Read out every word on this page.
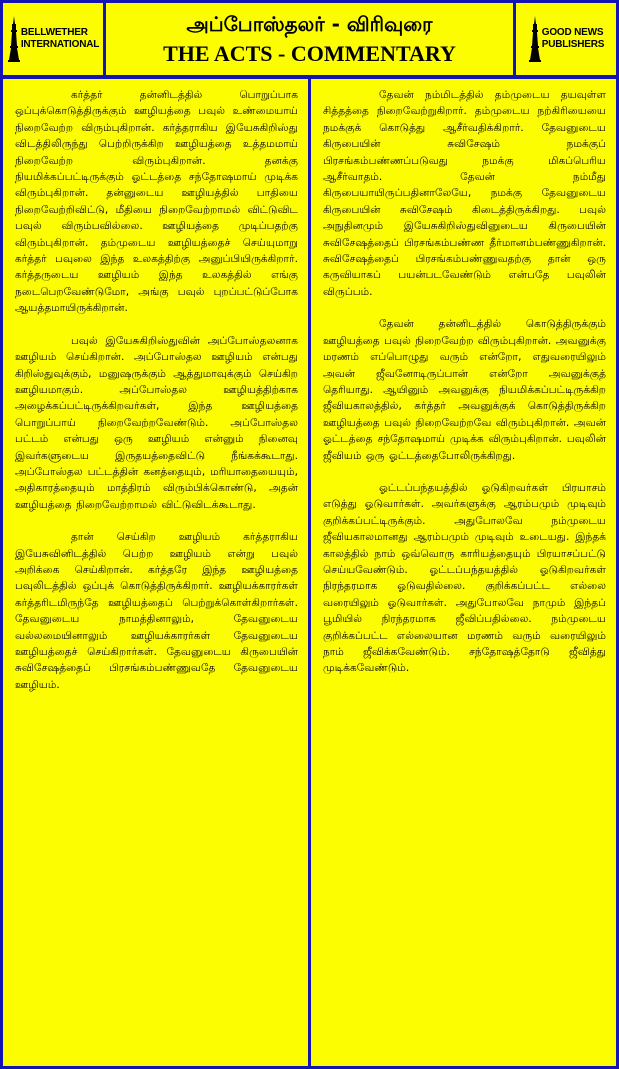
BELLWETHER
INTERNATIONAL
அப்போஸ்தலர் - விரிவுரை
THE ACTS - COMMENTARY
GOOD NEWS
PUBLISHERS

கர்த்தர் தன்னிடத்தில் பொறுப்பாக ஒப்புக்கொடுத்திருக்கும் ஊழியத்தை பவுல் உண்மையாய் நிறைவேற்ற விரும்புகிறான். கர்த்தராகிய இயேசுகிறிஸ்து விடத்திலிருந்து பெற்றிருக்கிற ஊழியத்தை உத்தமமாய் நிறைவேற்ற விரும்புகிறான். தனக்கு நியமிக்கப்பட்டிருக்கும் ஓட்டத்தை சந்தோஷமாய் முடிக்க விரும்புகிறான். தன்னுடைய ஊழியத்தில் பாதியை நிறைவேற்றிவிட்டு, மீதியை நிறைவேற்றாமல் விட்டுவிட பவுல் விரும்பவில்லை. ஊழியத்தை முடிப்பதற்கு விரும்புகிறான். தம்முடைய ஊழியத்தைச் செய்யுமாறு கர்த்தர் பவுலை இந்த உலகத்திற்கு அனுப்பியிருக்கிறார். கர்த்தருடைய ஊழியம் இந்த உலகத்தில் எங்கு நடைபெறவேண்டுமோ, அங்கு பவுல் புறப்பட்டுப்போக ஆயத்தமாயிருக்கிறான்.

பவுல் இயேசுகிறிஸ்துவின் அப்போஸ்தலனாக ஊழியம் செய்கிறான். அப்போஸ்தல ஊழியம் என்பது கிறிஸ்துவுக்கும், மனுஷருக்கும் ஆத்துமாவுக்கும் செய்கிற ஊழியமாகும். அப்போஸ்தல ஊழியத்திற்காக அழைக்கப்பட்டிருக்கிறவர்கள், இந்த ஊழியத்தை பொறுப்பாய் நிறைவேற்றவேண்டும். அப்போஸ்தல பட்டம் என்பது ஒரு ஊழியம் என்னும் நினைவு இவர்களுடைய இருதயத்தைவிட்டு நீங்கக்கூடாது. அப்போஸ்தல பட்டத்தின் கனத்தையும், மரியாதையையும், அதிகாரத்தையும் மாத்திரம் விரும்பிக்கொண்டு, அதன் ஊழியத்தை நிறைவேற்றாமல் விட்டுவிடக்கூடாது.

தான் செய்கிற ஊழியம் கர்த்தராகிய இயேசுவினிடத்தில் பெற்ற ஊழியம் என்று பவுல் அறிக்கை செய்கிறான். கர்த்தரே இந்த ஊழியத்தை பவுலிடத்தில் ஒப்புக் கொடுத்திருக்கிறார். ஊழியக்காரர்கள் கர்த்தரிடமிருந்தே ஊழியத்தைப் பெற்றுக்கொள்கிறார்கள். தேவனுடைய நாமத்தினாலும், தேவனுடைய வல்லமையினாலும் ஊழியக்காரர்கள் தேவனுடைய ஊழியத்தைச் செய்கிறார்கள். தேவனுடைய கிருபையின் சுவிசேஷத்தைப் பிரசங்கம்பண்ணுவதே தேவனுடைய ஊழியம்.

தேவன் நம்மிடத்தில் தம்முடைய தயவுள்ள சித்தத்தை நிறைவேற்றுகிறார். தம்முடைய நற்கிரியையை நமக்குக் கொடுத்து ஆசீர்வதிக்கிறார். தேவனுடைய கிருபையின் சுவிசேஷம் நமக்குப் பிரசங்கம்பண்ணப்படுவது நமக்கு மிகப்பெரிய ஆசீர்வாதம். தேவன் நம்மீது கிருபையாயிருப்பதினாலேயே, நமக்கு தேவனுடைய கிருபையின் சுவிசேஷம் கிடைத்திருக்கிறது. பவுல் அநுதினமும் இயேசுகிறிஸ்துவினுடைய கிருபையின் சுவிசேஷத்தைப் பிரசங்கம்பண்ண தீர்மானம்பண்ணுகிறான். சுவிசேஷத்தைப் பிரசங்கம்பண்ணுவதற்கு தான் ஒரு கருவியாகப் பயன்படவேண்டும் என்பதே பவுலின் விருப்பம்.

தேவன் தன்னிடத்தில் கொடுத்திருக்கும் ஊழியத்தை பவுல் நிறைவேற்ற விரும்புகிறான். அவனுக்கு மரணம் எப்பொழுது வரும் என்றோ, எதுவரையிலும் அவன் ஜீவனோடிருப்பான் என்றோ அவனுக்குத் தெரியாது. ஆயினும் அவனுக்கு நியமிக்கப்பட்டிருக்கிற ஜீவியகாலத்தில், கர்த்தர் அவனுக்குக் கொடுத்திருக்கிற ஊழியத்தை பவுல் நிறைவேற்றவே விரும்புகிறான். அவன் ஓட்டத்தை சந்தோஷமாய் முடிக்க விரும்புகிறான். பவுலின் ஜீவியம் ஒரு ஓட்டத்தைபோலிருக்கிறது.

ஓட்டப்பந்தயத்தில் ஓடுகிறவர்கள் பிரயாசம் எடுத்து ஓடுவார்கள். அவர்களுக்கு ஆரம்பமும் முடிவும் குறிக்கப்பட்டிருக்கும். அதுபோலவே நம்முடைய ஜீவியகாலமானது ஆரம்பமும் முடிவும் உடையது. இந்தக் காலத்தில் நாம் ஒவ்வொரு காரியத்தையும் பிரயாசப்பட்டு செய்யவேண்டும். ஓட்டப்பந்தயத்தில் ஓடுகிறவர்கள் நிரந்தரமாக ஓடுவதில்லை. குறிக்கப்பட்ட எல்லை வரையிலும் ஓடுவார்கள். அதுபோலவே நாமும் இந்தப் பூமியில் நிரந்தரமாக ஜீவிப்பதில்லை. நம்முடைய குறிக்கப்பட்ட எல்லையான மரணம் வரும் வரையிலும் நாம் ஜீவிக்கவேண்டும். சந்தோஷத்தோடு ஜீவித்து முடிக்கவேண்டும்.
